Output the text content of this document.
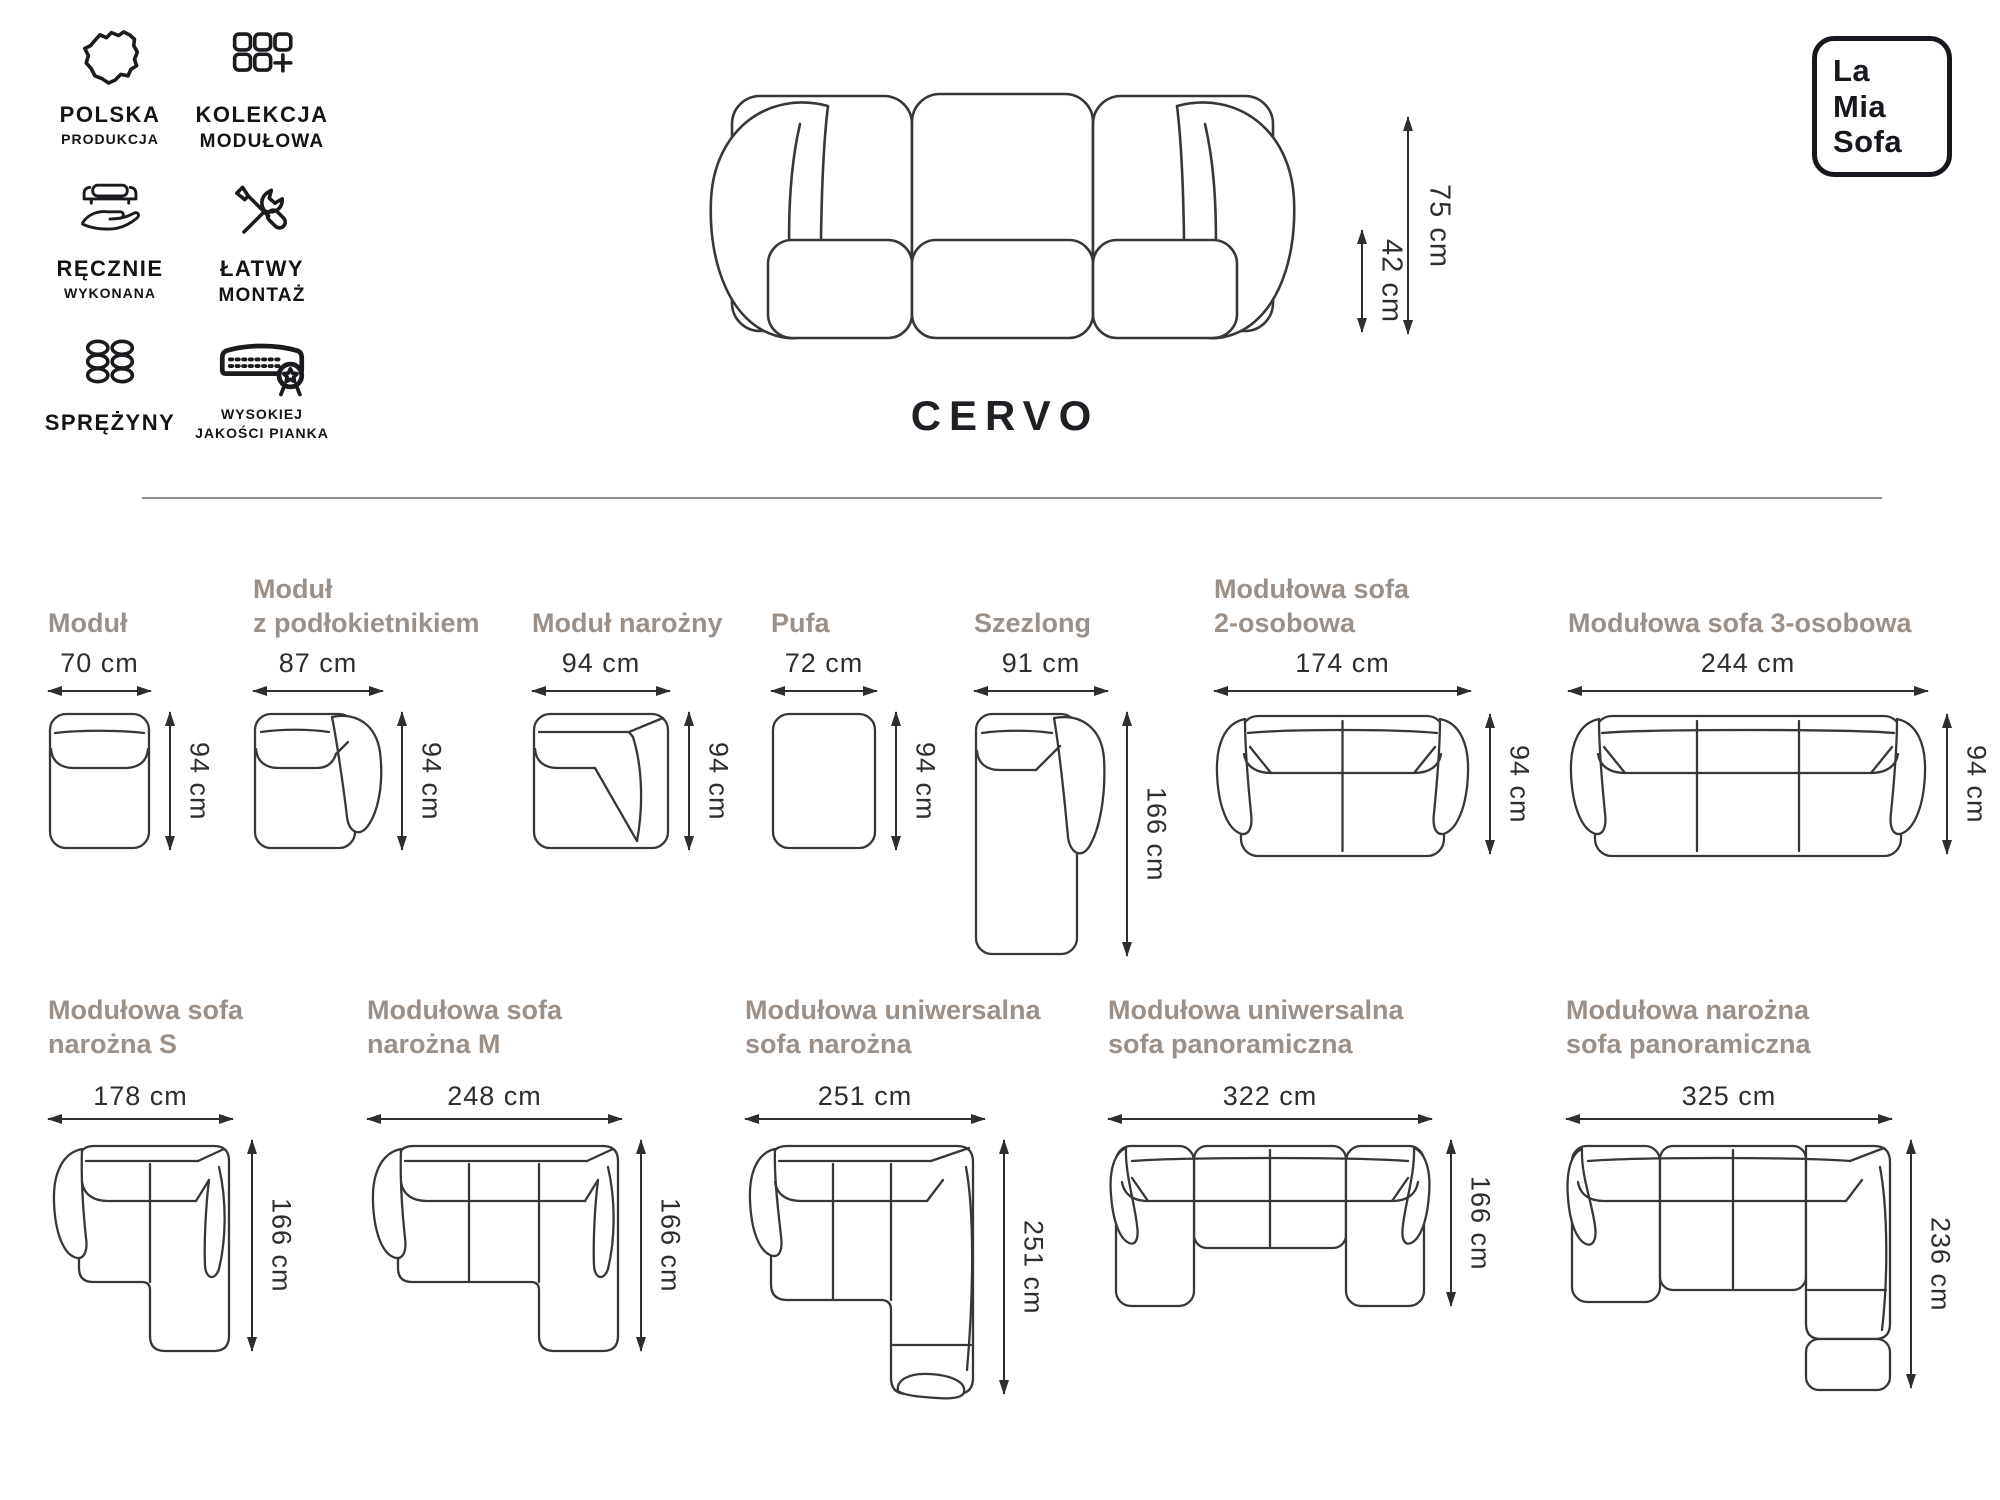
POLSKA
PRODUKCJA
KOLEKCJA
MODUŁOWA
RĘCZNIE
WYKONANA
ŁATWY
MONTAŻ
SPRĘŻYNY	WYSOKIEJ
JAKOŚCI PIANKA
La
Mia
Sofa
75 cm
42 cm
CERVO
Moduł
70 cm
94 cm
Moduł
z podłokietnikiem
87 cm
94 cm
Moduł narożny
94 cm
94 cm
Pufa
72 cm
94 cm
Szezlong
91 cm
166 cm
Modułowa sofa
2-osobowa
174 cm
94 cm
Modułowa sofa 3-osobowa
244 cm
94 cm
Modułowa sofa
narożna S
178 cm
166 cm
Modułowa sofa
narożna M
248 cm
166 cm
Modułowa uniwersalna
sofa narożna
251 cm
251 cm
Modułowa uniwersalna
sofa panoramiczna
322 cm
166 cm
Modułowa narożna
sofa panoramiczna
325 cm
236 cm
